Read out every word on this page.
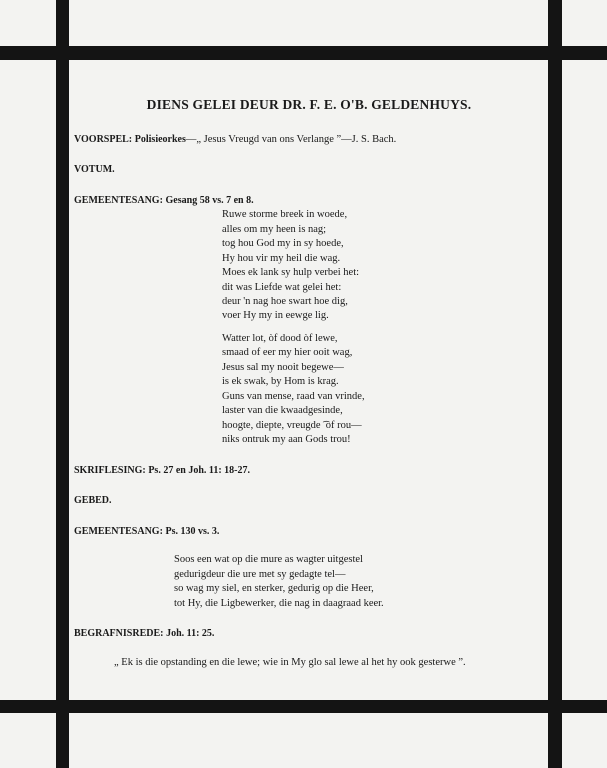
DIENS GELEI DEUR DR. F. E. O'B. GELDENHUYS.
VOORSPEL: Polisieorkes—„ Jesus Vreugd van ons Verlange ”—J. S. Bach.
VOTUM.
GEMEENTESANG: Gesang 58 vs. 7 en 8.
Ruwe storme breek in woede,
alles om my heen is nag;
tog hou God my in sy hoede,
Hy hou vir my heil die wag.
Moes ek lank sy hulp verbei het:
dit was Liefde wat gelei het:
deur 'n nag hoe swart hoe dig,
voer Hy my in eewge lig.
Watter lot, òf dood òf lewe,
smaad of eer my hier ooit wag,
Jesus sal my nooit begewe—
is ek swak, by Hom is krag.
Guns van mense, raad van vrinde,
laster van die kwaadgesinde,
hoogte, diepte, vreugde ͡ of rou—
niks ontruk my aan Gods trou!
SKRIFLESING: Ps. 27 en Joh. 11: 18-27.
GEBED.
GEMEENTESANG: Ps. 130 vs. 3.
Soos een wat op die mure as wagter uitgestel
gedurigdeur die ure met sy gedagte tel—
so wag my siel, en sterker, gedurig op die Heer,
tot Hy, die Ligbewerker, die nag in daagraad keer.
BEGRAFNISREDE: Joh. 11: 25.
„ Ek is die opstanding en die lewe; wie in My glo sal lewe al het hy ook gesterwe ”.
